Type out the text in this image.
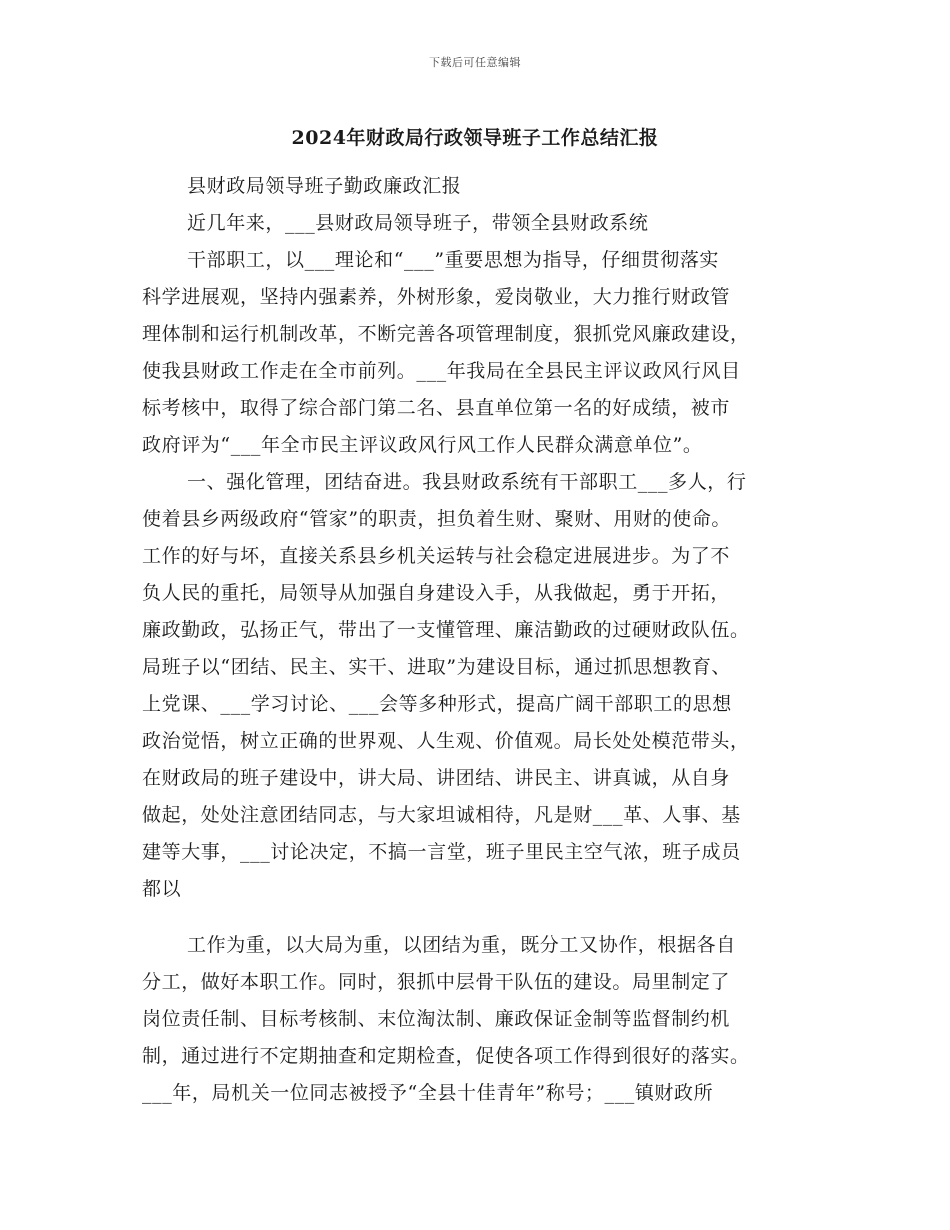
下载后可任意编辑
2024年财政局行政领导班子工作总结汇报
县财政局领导班子勤政廉政汇报
近几年来，___县财政局领导班子，带领全县财政系统
干部职工，以___理论和“___”重要思想为指导，仔细贯彻落实
科学进展观，坚持内强素养，外树形象，爱岗敬业，大力推行财政管
理体制和运行机制改革，不断完善各项管理制度，狠抓党风廉政建设，
使我县财政工作走在全市前列。___年我局在全县民主评议政风行风目
标考核中，取得了综合部门第二名、县直单位第一名的好成绩，被市
政府评为“___年全市民主评议政风行风工作人民群众满意单位”。
一、强化管理，团结奋进。我县财政系统有干部职工___多人，行
使着县乡两级政府“管家”的职责，担负着生财、聚财、用财的使命。
工作的好与坏，直接关系县乡机关运转与社会稳定进展进步。为了不
负人民的重托，局领导从加强自身建设入手，从我做起，勇于开拓，
廉政勤政，弘扬正气，带出了一支懂管理、廉洁勤政的过硬财政队伍。
局班子以“团结、民主、实干、进取”为建设目标，通过抓思想教育、
上党课、___学习讨论、___会等多种形式，提高广阔干部职工的思想
政治觉悟，树立正确的世界观、人生观、价值观。局长处处模范带头，
在财政局的班子建设中，讲大局、讲团结、讲民主、讲真诚，从自身
做起，处处注意团结同志，与大家坦诚相待，凡是财___革、人事、基
建等大事，___讨论决定，不搞一言堂，班子里民主空气浓，班子成员
都以
工作为重，以大局为重，以团结为重，既分工又协作，根据各自
分工，做好本职工作。同时，狠抓中层骨干队伍的建设。局里制定了
岗位责任制、目标考核制、末位淘汰制、廉政保证金制等监督制约机
制，通过进行不定期抽查和定期检查，促使各项工作得到很好的落实。
___年，局机关一位同志被授予“全县十佳青年”称号；___镇财政所
